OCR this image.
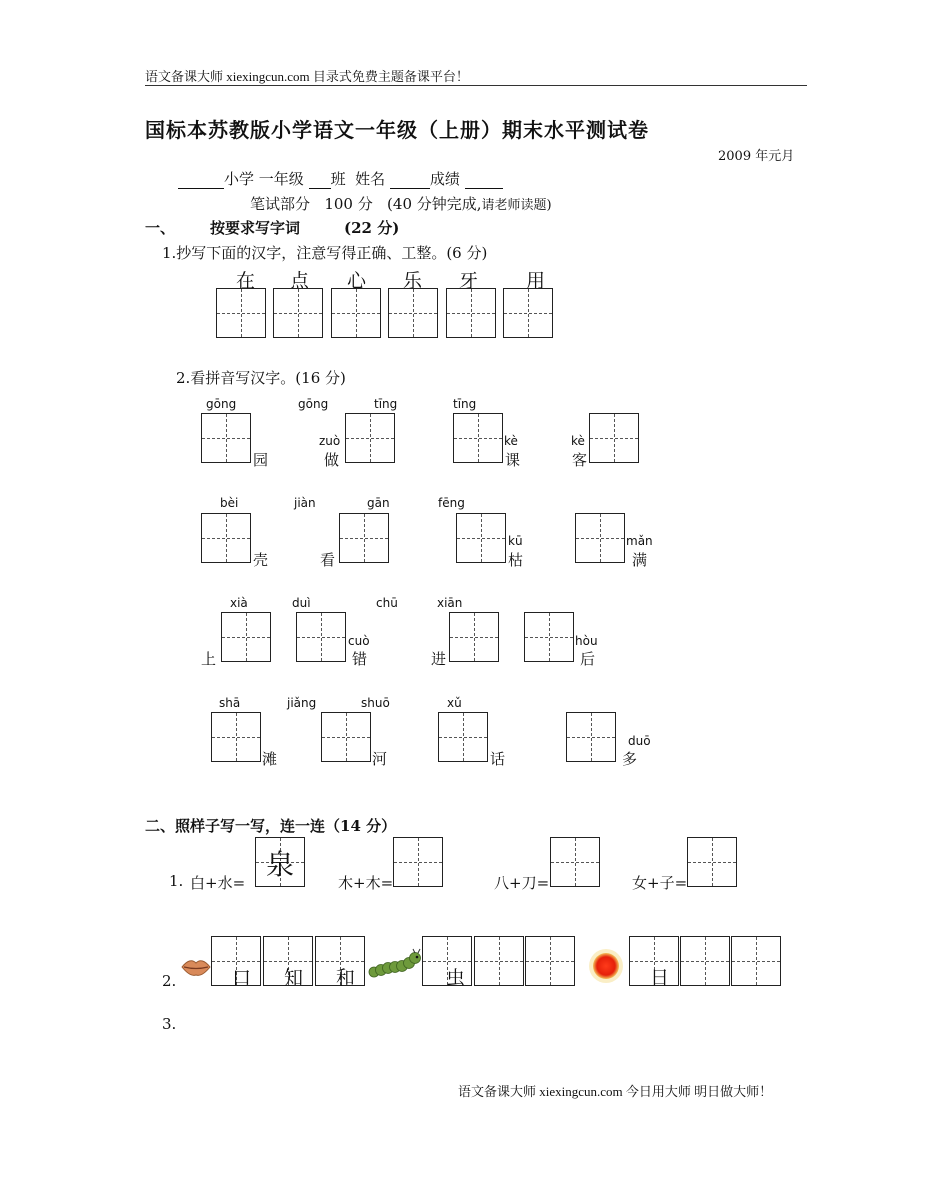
语文备课大师 xiexingcun.com 目录式免费主题备课平台！
国标本苏教版小学语文一年级（上册）期末水平测试卷
2009 年元月
小学 一年级 班 姓名	成绩
笔试部分 100 分 (40 分钟完成,请老师读题)
一、 按要求写字词	(22 分)
1.抄写下面的汉字，注意写得正确、工整。(6 分)
2.看拼音写汉字。(16 分)
二、照样子写一写，连一连（14 分）
1.
2.
3.
语文备课大师 xiexingcun.com 今日用大师 明日做大师！
在 点 心 乐 牙	用
gōng	gōng	tīng	tīng
zuò	kè	kè
bèi	jiàn	gān	fēng
kū	mǎn
xià	duì	chū	xiān
cuò	hòu
shā	jiǎng	shuō	xǔ
duō
园	做	课	客
壳	看	枯	满
上	错	进	后
滩	河	话	多
白+水=
泉
木+木=	八+刀=	女+子=
口 知 和	虫	日
